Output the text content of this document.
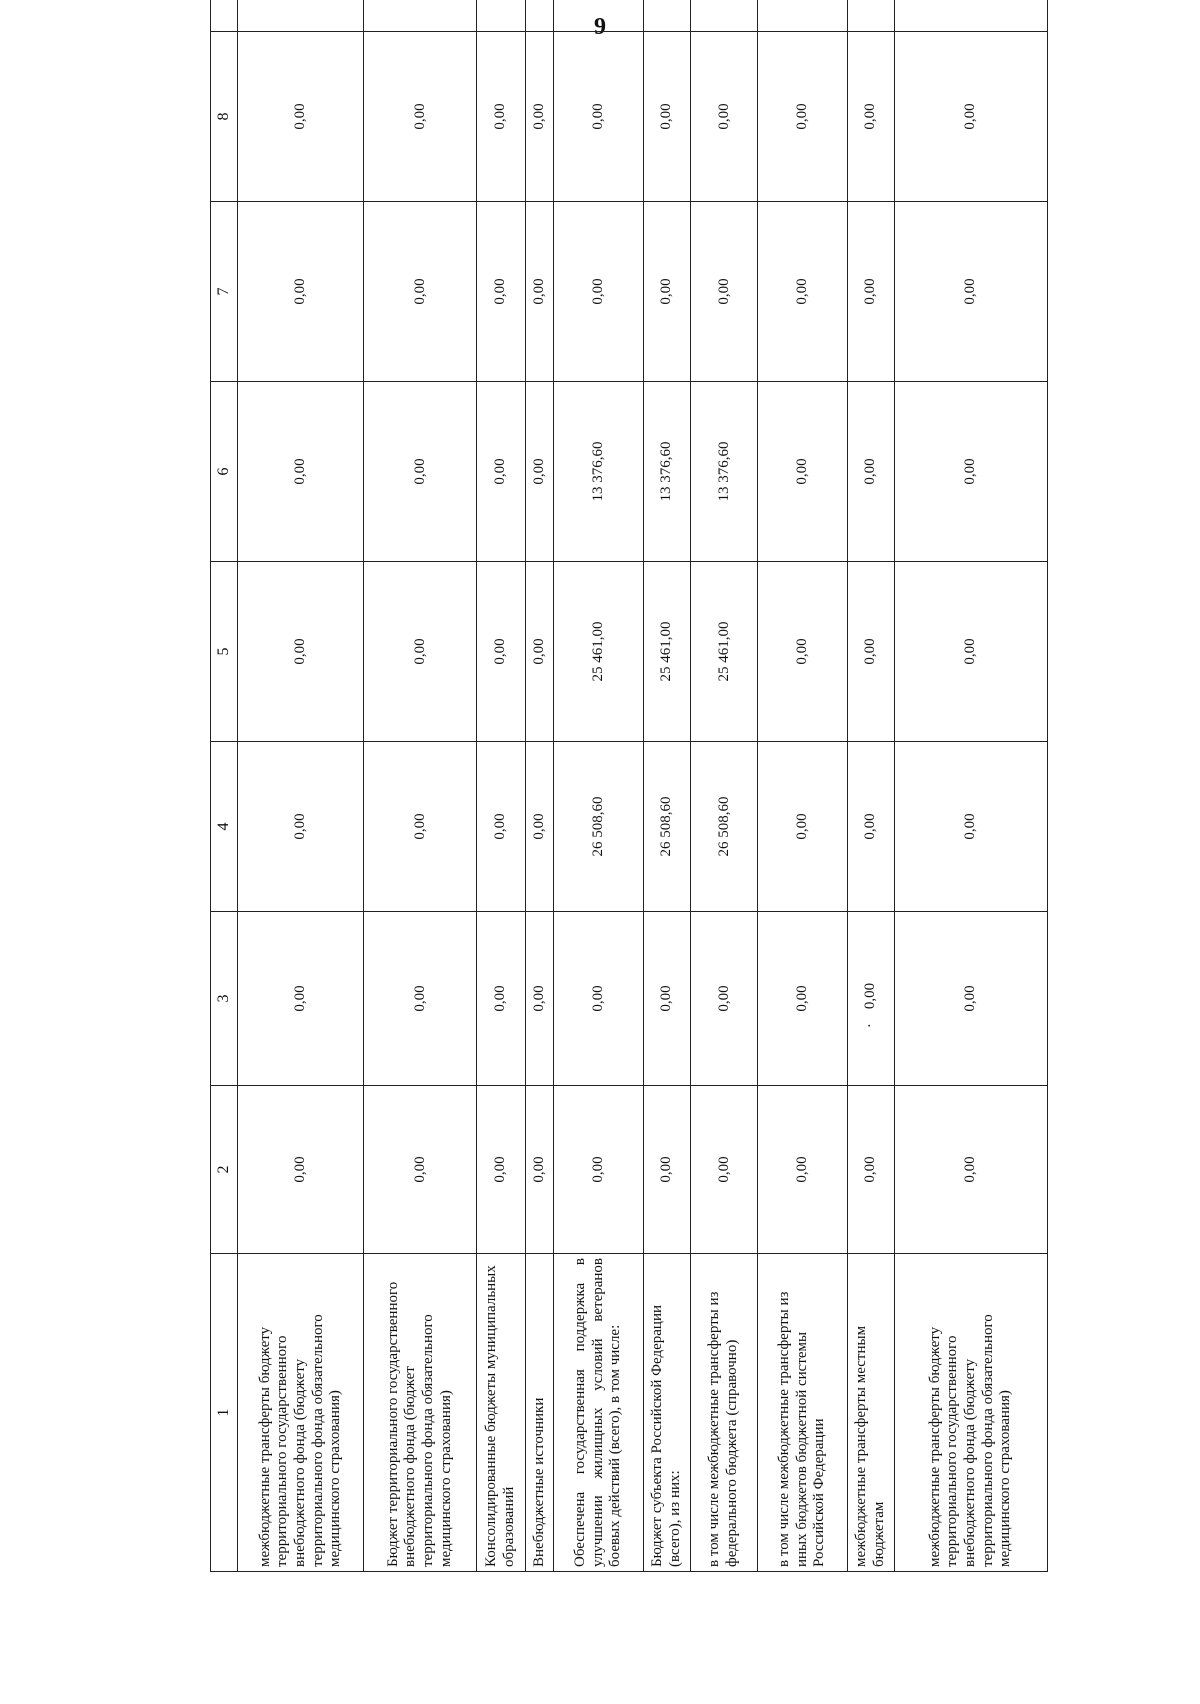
9
1	2	3	4	5	6	7	8	
межбюджетные трансферты бюджету территориального государственного внебюджетного фонда (бюджету территориального фонда обязательного медицинского страхования)	0,00	0,00	0,00	0,00	0,00	0,00	0,00	
Бюджет территориального государственного внебюджетного фонда (бюджет территориального фонда обязательного медицинского страхования)	0,00	0,00	0,00	0,00	0,00	0,00	0,00	
Консолидированные бюджеты муниципальных образований	0,00	0,00	0,00	0,00	0,00	0,00	0,00	
Внебюджетные источники	0,00	0,00	0,00	0,00	0,00	0,00	0,00	
Обеспечена государственная поддержка в улучшении жилищных условий ветеранов боевых действий (всего), в том числе:	0,00	0,00	26 508,60	25 461,00	13 376,60	0,00	0,00	
Бюджет субъекта Российской Федерации (всего), из них:	0,00	0,00	26 508,60	25 461,00	13 376,60	0,00	0,00	
в том числе межбюджетные трансферты из федерального бюджета (справочно)	0,00	0,00	26 508,60	25 461,00	13 376,60	0,00	0,00	
в том числе межбюджетные трансферты из иных бюджетов бюджетной системы Российской Федерации	0,00	0,00	0,00	0,00	0,00	0,00	0,00	
межбюджетные трансферты местным бюджетам	0,00	·0,00	0,00	0,00	0,00	0,00	0,00	
межбюджетные трансферты бюджету территориального государственного внебюджетного фонда (бюджету территориального фонда обязательного медицинского страхования)	0,00	0,00	0,00	0,00	0,00	0,00	0,00	
